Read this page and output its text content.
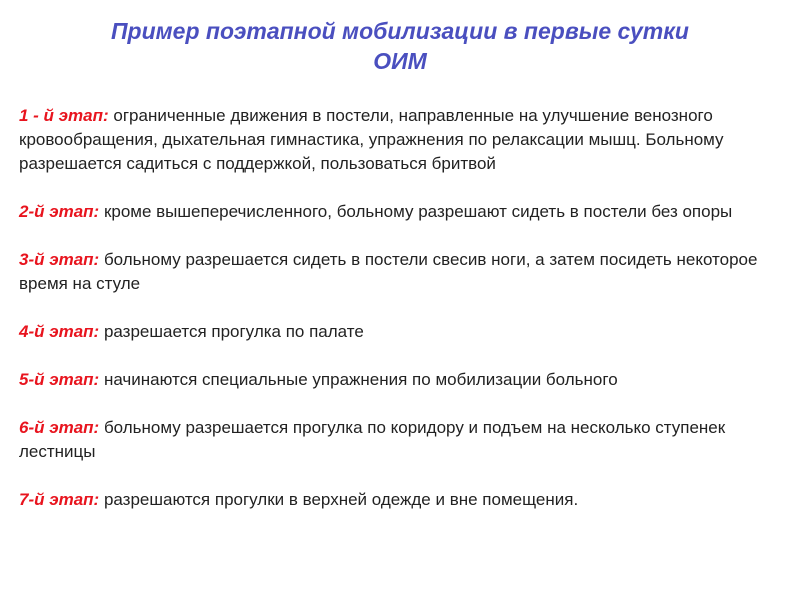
Пример поэтапной мобилизации в первые сутки
ОИМ

1 - й этап: ограниченные движения в постели, направленные на улучшение венозного кровообращения, дыхательная гимнастика, упражнения по релаксации мышц. Больному разрешается садиться с поддержкой, пользоваться бритвой

2-й этап: кроме вышеперечисленного, больному разрешают сидеть в постели без опоры

3-й этап: больному разрешается сидеть в постели свесив ноги, а затем посидеть некоторое время на стуле

4-й этап: разрешается прогулка по палате

5-й этап: начинаются специальные упражнения по мобилизации больного

6-й этап: больному разрешается прогулка по коридору и подъем на несколько ступенек лестницы

7-й этап: разрешаются прогулки в верхней одежде и вне помещения.
